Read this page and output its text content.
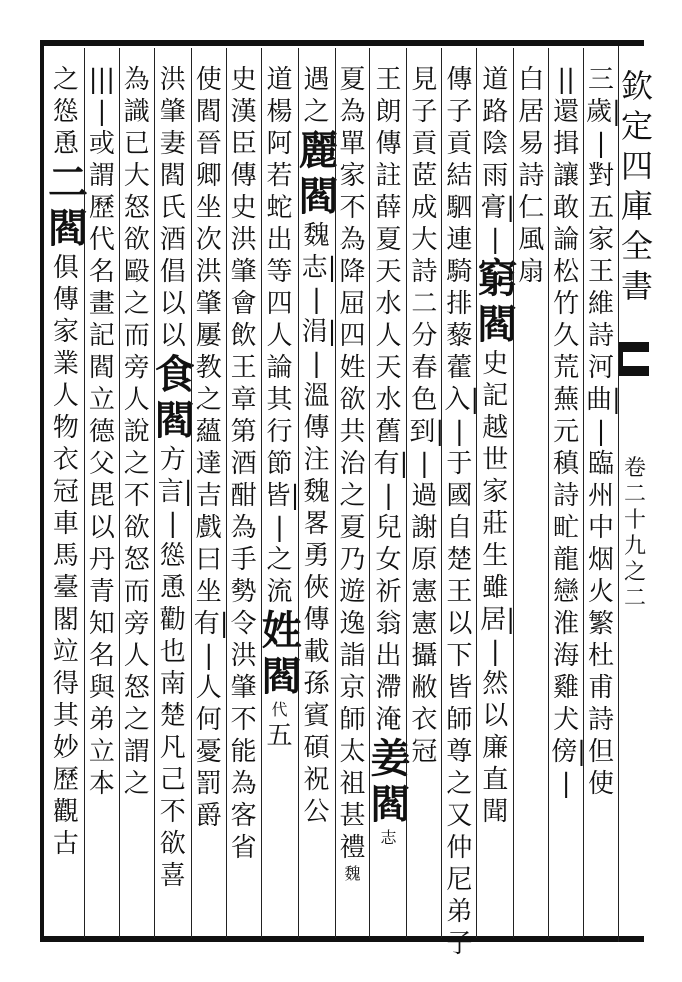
三歲||對五家王維詩河曲||臨州中烟火繁杜甫詩但使
||還揖讓敢論松竹久荒蕪元稹詩甿龍戀淮海雞犬傍||
白居易詩仁風扇
道路陰雨膏||
窮閻
史記越世家莊生雖居||然以廉直聞
傳子貢結駟連騎排藜藿入||
于國自楚王以下皆師尊之又仲尼弟子
見子貢茝成大詩二分春色到||過謝原憲憲攝敝衣冠
王朗傳註薛夏天水人天水舊有||兒女祈翁出滯淹
姜閻
志
夏為單家不為降屈四姓欲共治之夏乃遊逸詣京師太祖甚禮
魏
遇之
麗閻
魏志||涓||溫傳注魏畧勇俠傳載孫賓碩祝公
道楊阿若蛇出等四人論其行節皆||之流
姓閻
代
五
史漢臣傳史洪肇會飲王章第酒酣為手勢令洪肇不能為客省
使閻晉卿坐次洪肇屢教之蘊達吉戲曰坐有||人何憂罰爵
洪肇妻閻氏酒倡以以
食閻
方言||慫恿勸也南楚凡己不欲喜
為識已大怒欲毆之
而旁人說之不欲怒而旁人怒之謂之
||||或謂
歷代名畫記閻立德父毘以丹青知名與弟立本
之慫恿
二閻
俱傳家業人物衣冠車馬臺閣竝得其妙歷觀古
欽定四庫全書
卷二十九之二
